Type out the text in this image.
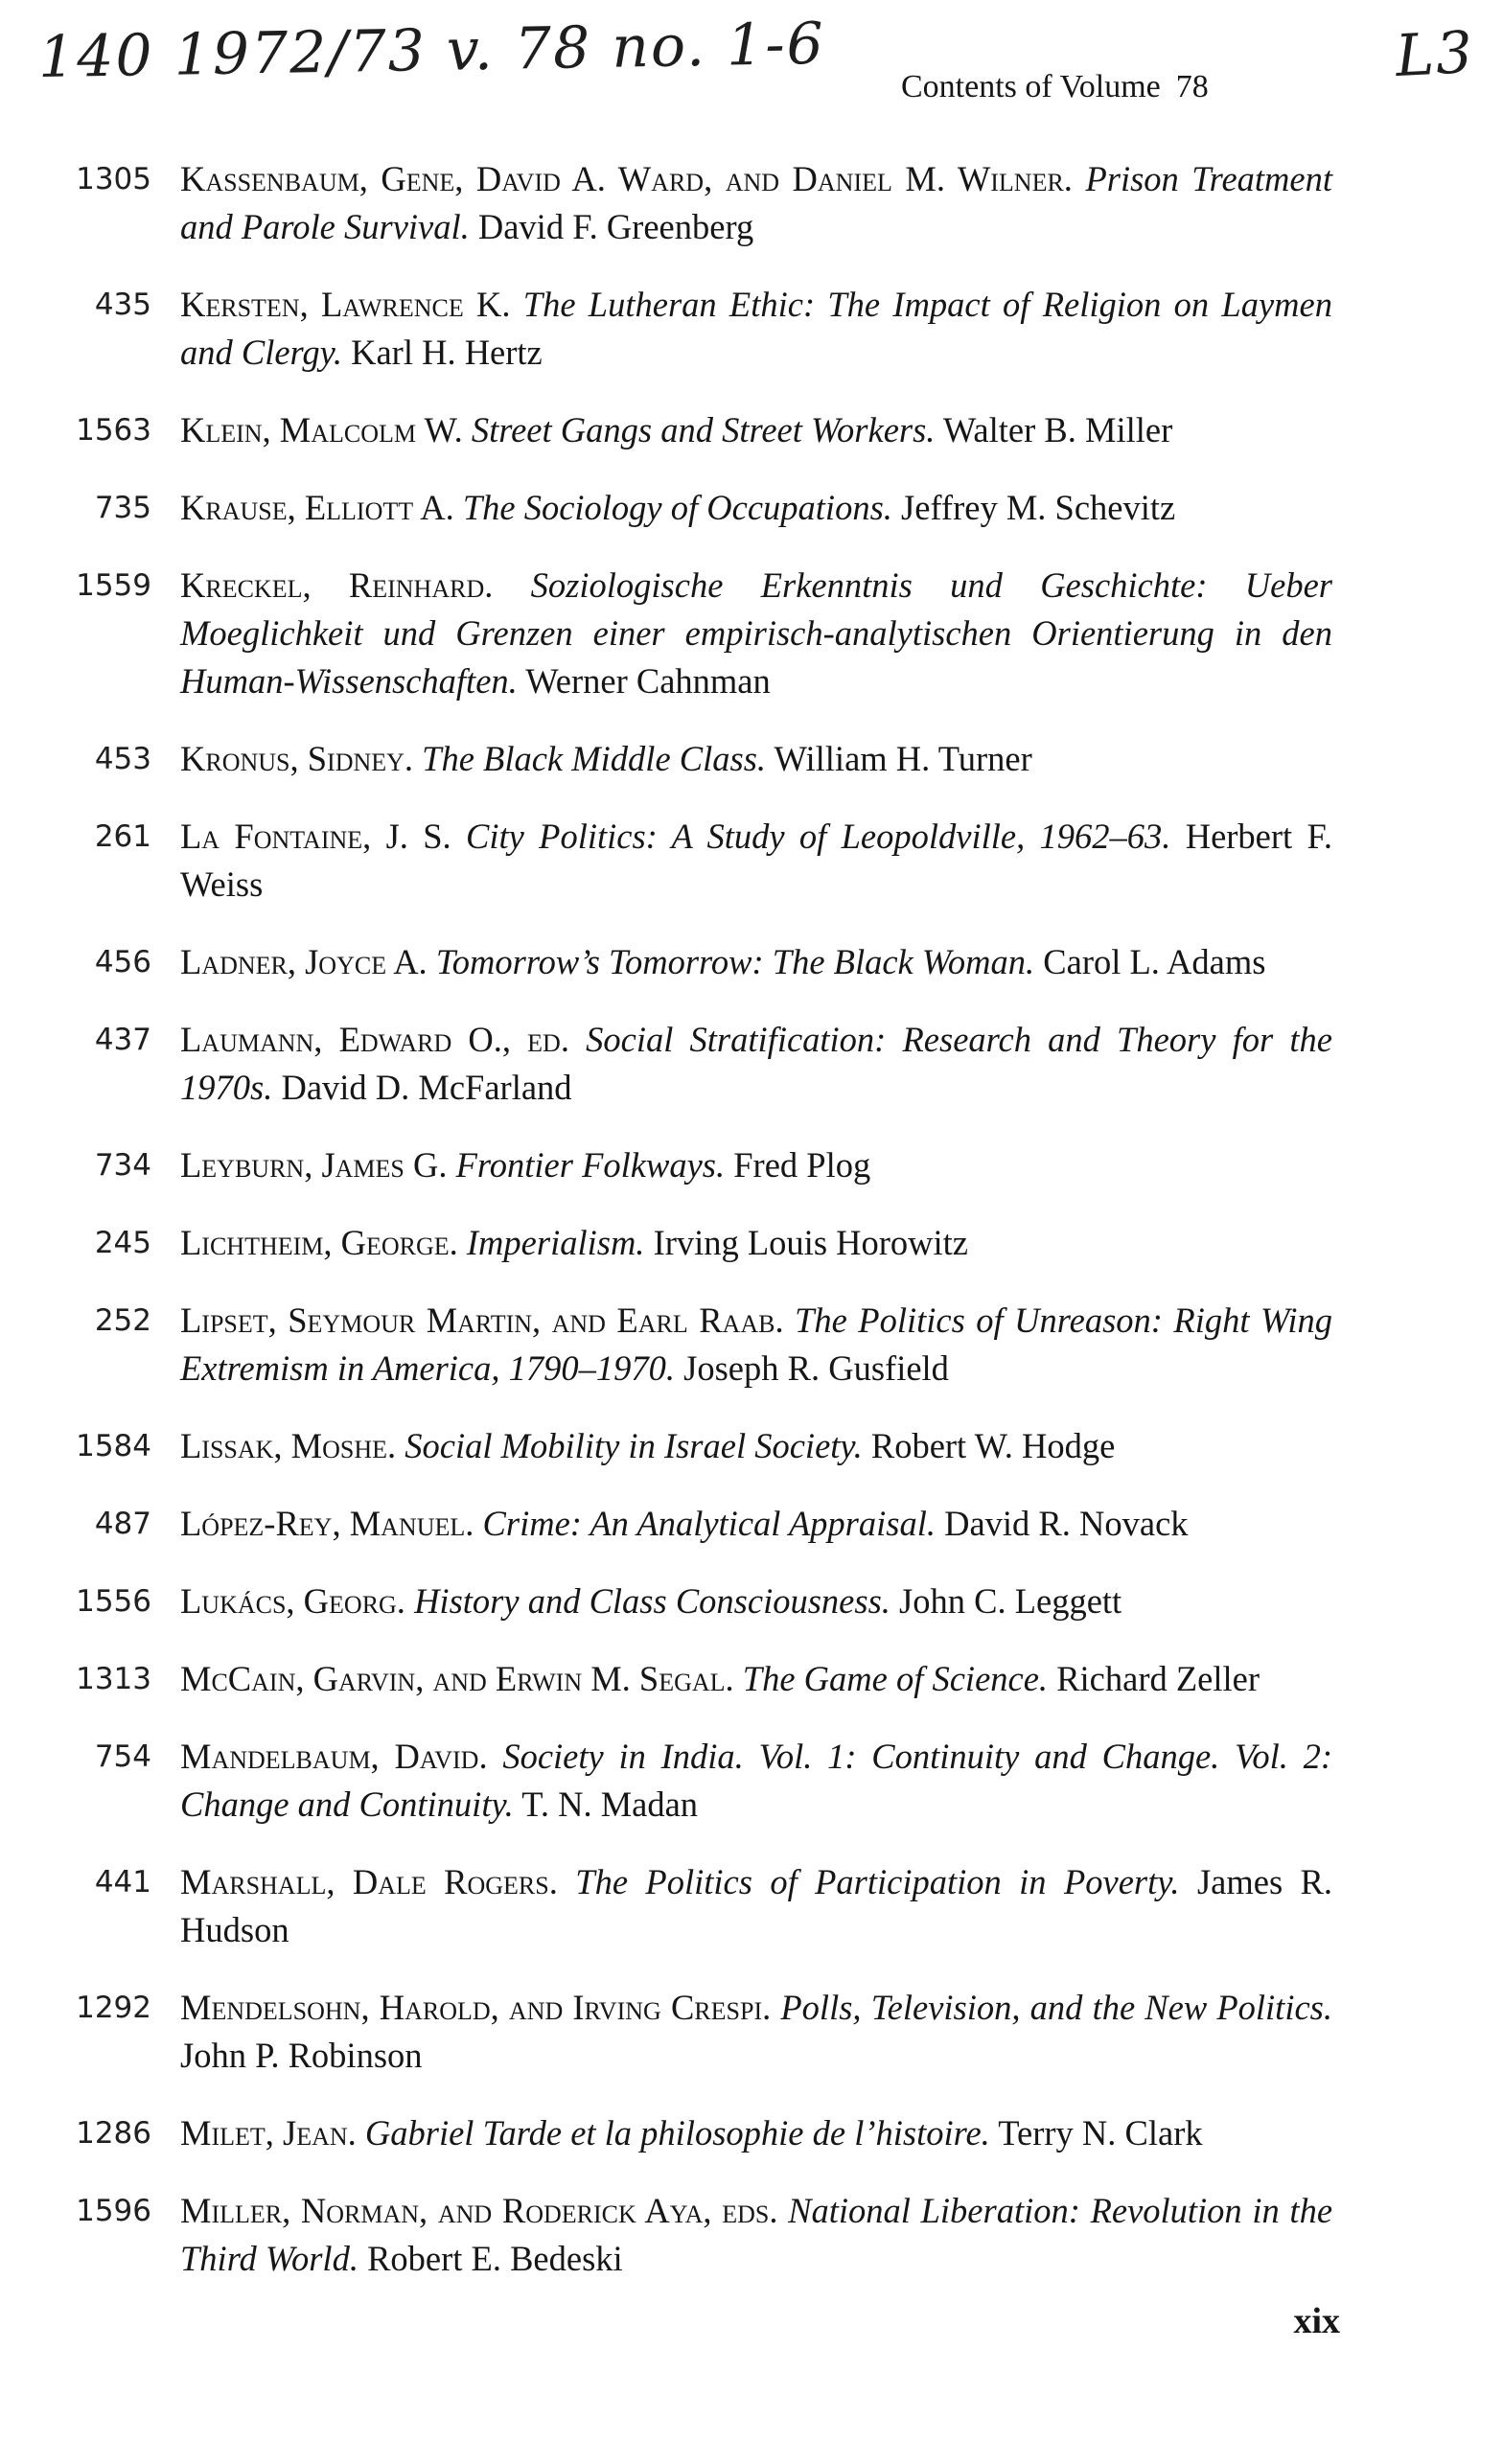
140 1972/73 v. 78 no. 1-6	L3
Contents of Volume 78
1305 Kassenbaum, Gene, David A. Ward, and Daniel M. Wilner. Prison Treatment and Parole Survival. David F. Greenberg
435 Kersten, Lawrence K. The Lutheran Ethic: The Impact of Religion on Laymen and Clergy. Karl H. Hertz
1563 Klein, Malcolm W. Street Gangs and Street Workers. Walter B. Miller
735 Krause, Elliott A. The Sociology of Occupations. Jeffrey M. Schevitz
1559 Kreckel, Reinhard. Soziologische Erkenntnis und Geschichte: Ueber Moeglichkeit und Grenzen einer empirisch-analytischen Orientierung in den Human-Wissenschaften. Werner Cahnman
453 Kronus, Sidney. The Black Middle Class. William H. Turner
261 La Fontaine, J. S. City Politics: A Study of Leopoldville, 1962–63. Herbert F. Weiss
456 Ladner, Joyce A. Tomorrow’s Tomorrow: The Black Woman. Carol L. Adams
437 Laumann, Edward O., ed. Social Stratification: Research and Theory for the 1970s. David D. McFarland
734 Leyburn, James G. Frontier Folkways. Fred Plog
245 Lichtheim, George. Imperialism. Irving Louis Horowitz
252 Lipset, Seymour Martin, and Earl Raab. The Politics of Unreason: Right Wing Extremism in America, 1790–1970. Joseph R. Gusfield
1584 Lissak, Moshe. Social Mobility in Israel Society. Robert W. Hodge
487 López-Rey, Manuel. Crime: An Analytical Appraisal. David R. Novack
1556 Lukács, Georg. History and Class Consciousness. John C. Leggett
1313 McCain, Garvin, and Erwin M. Segal. The Game of Science. Richard Zeller
754 Mandelbaum, David. Society in India. Vol. 1: Continuity and Change. Vol. 2: Change and Continuity. T. N. Madan
441 Marshall, Dale Rogers. The Politics of Participation in Poverty. James R. Hudson
1292 Mendelsohn, Harold, and Irving Crespi. Polls, Television, and the New Politics. John P. Robinson
1286 Milet, Jean. Gabriel Tarde et la philosophie de l’histoire. Terry N. Clark
1596 Miller, Norman, and Roderick Aya, eds. National Liberation: Revolution in the Third World. Robert E. Bedeski
xix
